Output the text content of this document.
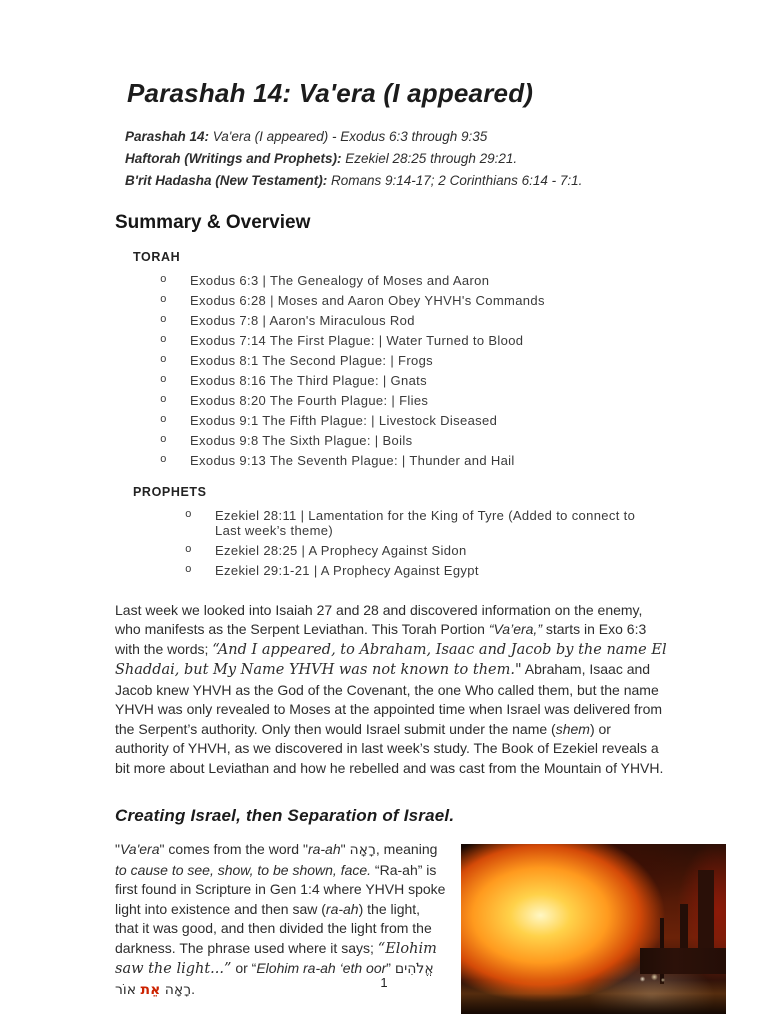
Parashah 14: Va'era (I appeared)
Parashah 14: Va'era (I appeared) - Exodus 6:3 through 9:35
Haftorah (Writings and Prophets): Ezekiel 28:25 through 29:21.
B'rit Hadasha (New Testament): Romans 9:14-17; 2 Corinthians 6:14 - 7:1.
Summary & Overview
TORAH
o Exodus 6:3 | The Genealogy of Moses and Aaron
o Exodus 6:28 | Moses and Aaron Obey YHVH's Commands
o Exodus 7:8 | Aaron's Miraculous Rod
o Exodus 7:14 The First Plague: | Water Turned to Blood
o Exodus 8:1 The Second Plague: | Frogs
o Exodus 8:16 The Third Plague: | Gnats
o Exodus 8:20 The Fourth Plague: | Flies
o Exodus 9:1 The Fifth Plague: | Livestock Diseased
o Exodus 9:8 The Sixth Plague: | Boils
o Exodus 9:13 The Seventh Plague: | Thunder and Hail
PROPHETS
o Ezekiel 28:11 | Lamentation for the King of Tyre (Added to connect to Last week’s theme)
o Ezekiel 28:25 | A Prophecy Against Sidon
o Ezekiel 29:1-21 | A Prophecy Against Egypt

Last week we looked into Isaiah 27 and 28 and discovered information on the enemy, who manifests as the Serpent Leviathan. This Torah Portion “Va’era,” starts in Exo 6:3 with the words; “And I appeared, to Abraham, Isaac and Jacob by the name El Shaddai, but My Name YHVH was not known to them." Abraham, Isaac and Jacob knew YHVH as the God of the Covenant, the one Who called them, but the name YHVH was only revealed to Moses at the appointed time when Israel was delivered from the Serpent’s authority. Only then would Israel submit under the name (shem) or authority of YHVH, as we discovered in last week’s study. The Book of Ezekiel reveals a bit more about Leviathan and how he rebelled and was cast from the Mountain of YHVH.

Creating Israel, then Separation of Israel.
"Va'era" comes from the word "ra-ah" רָאָה, meaning to cause to see, show, to be shown, face. “Ra-ah” is first found in Scripture in Gen 1:4 where YHVH spoke light into existence and then saw (ra-ah) the light, that it was good, and then divided the light from the darkness. The phrase used where it says; “Elohim saw the light...” or “Elohim ra-ah ‘eth oor” אֱלֹהִים רָאָה אֵת אוֹר	.	1
